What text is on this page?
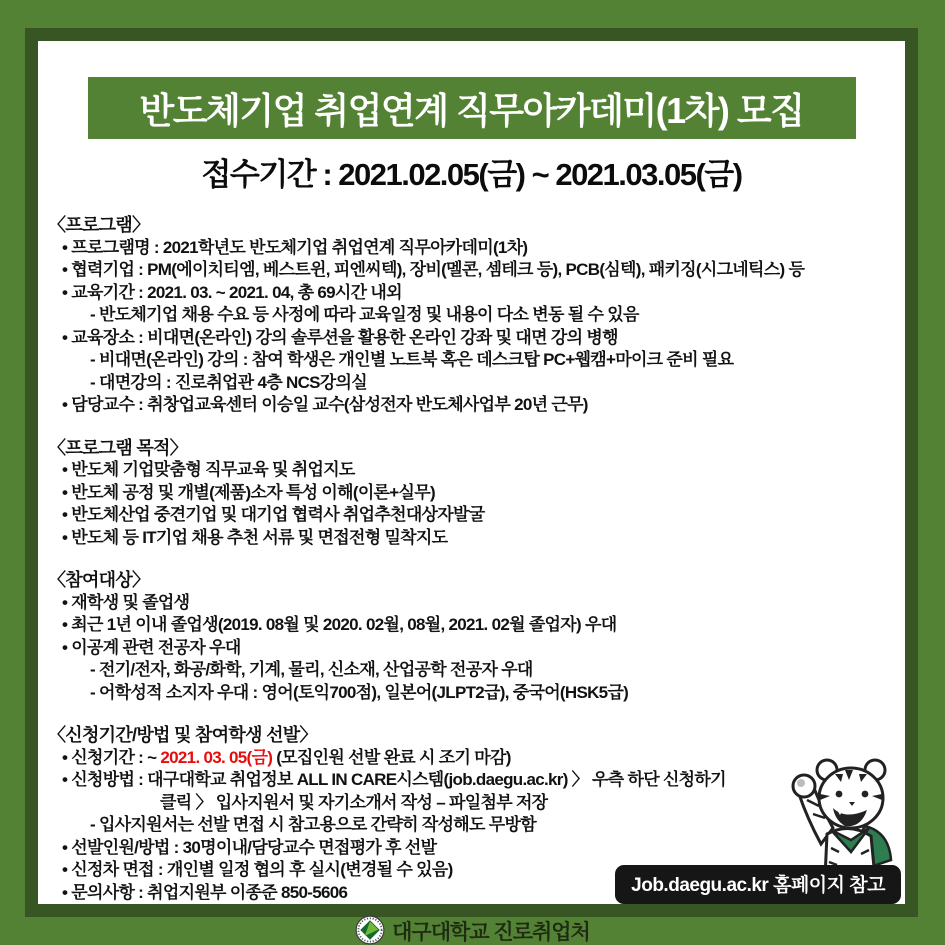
반도체기업 취업연계 직무아카데미(1차) 모집
접수기간 : 2021.02.05(금) ~ 2021.03.05(금)
〈프로그램〉
• 프로그램명 : 2021학년도 반도체기업 취업연계 직무아카데미(1차)
• 협력기업 : PM(에이치티엠, 베스트윈, 피엔씨텍), 장비(멜콘, 셈테크 등), PCB(심텍), 패키징(시그네틱스) 등
• 교육기간 : 2021. 03. ~ 2021. 04, 총 69시간 내외
- 반도체기업 채용 수요 등 사정에 따라 교육일정 및 내용이 다소 변동 될 수 있음
• 교육장소 : 비대면(온라인) 강의 솔루션을 활용한 온라인 강좌 및 대면 강의 병행
- 비대면(온라인) 강의 : 참여 학생은 개인별 노트북 혹은 데스크탑 PC+웹캠+마이크 준비 필요
- 대면강의 : 진로취업관 4층 NCS강의실
• 담당교수 : 취창업교육센터 이승일 교수(삼성전자 반도체사업부 20년 근무)
〈프로그램 목적〉
• 반도체 기업맞춤형 직무교육 및 취업지도
• 반도체 공정 및 개별(제품)소자 특성 이해(이론+실무)
• 반도체산업 중견기업 및 대기업 협력사 취업추천대상자발굴
• 반도체 등 IT기업 채용 추천 서류 및 면접전형 밀착지도
〈참여대상〉
• 재학생 및 졸업생
• 최근 1년 이내 졸업생(2019. 08월 및 2020. 02월, 08월, 2021. 02월 졸업자) 우대
• 이공계 관련 전공자 우대
- 전기/전자, 화공/화학, 기계, 물리, 신소재, 산업공학 전공자 우대
- 어학성적 소지자 우대 : 영어(토익700점), 일본어(JLPT2급), 중국어(HSK5급)
〈신청기간/방법 및 참여학생 선발〉
• 신청기간 : ~ 2021. 03. 05(금) (모집인원 선발 완료 시 조기 마감)
• 신청방법 : 대구대학교 취업정보 ALL IN CARE시스템(job.daegu.ac.kr) 〉 우측 하단 신청하기
클릭 〉 입사지원서 및 자기소개서 작성 – 파일첨부 저장
- 입사지원서는 선발 면접 시 참고용으로 간략히 작성해도 무방함
• 선발인원/방법 : 30명이내/담당교수 면접평가 후 선발
• 신정차 면접 : 개인별 일정 협의 후 실시(변경될 수 있음)
• 문의사항 : 취업지원부 이종준 850-5606	Job.daegu.ac.kr 홈페이지 참고
대구대학교 진로취업처
